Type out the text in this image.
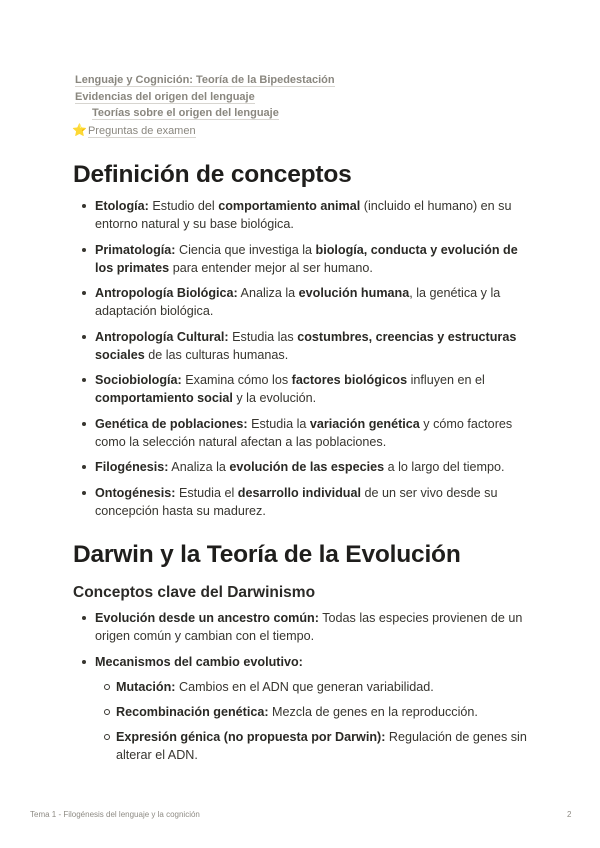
Lenguaje y Cognición: Teoría de la Bipedestación
Evidencias del origen del lenguaje
Teorías sobre el origen del lenguaje
⭐Preguntas de examen
Definición de conceptos
Etología: Estudio del comportamiento animal (incluido el humano) en su entorno natural y su base biológica.
Primatología: Ciencia que investiga la biología, conducta y evolución de los primates para entender mejor al ser humano.
Antropología Biológica: Analiza la evolución humana, la genética y la adaptación biológica.
Antropología Cultural: Estudia las costumbres, creencias y estructuras sociales de las culturas humanas.
Sociobiología: Examina cómo los factores biológicos influyen en el comportamiento social y la evolución.
Genética de poblaciones: Estudia la variación genética y cómo factores como la selección natural afectan a las poblaciones.
Filogénesis: Analiza la evolución de las especies a lo largo del tiempo.
Ontogénesis: Estudia el desarrollo individual de un ser vivo desde su concepción hasta su madurez.
Darwin y la Teoría de la Evolución
Conceptos clave del Darwinismo
Evolución desde un ancestro común: Todas las especies provienen de un origen común y cambian con el tiempo.
Mecanismos del cambio evolutivo:
Mutación: Cambios en el ADN que generan variabilidad.
Recombinación genética: Mezcla de genes en la reproducción.
Expresión génica (no propuesta por Darwin): Regulación de genes sin alterar el ADN.
Tema 1 - Filogénesis del lenguaje y la cognición	2
